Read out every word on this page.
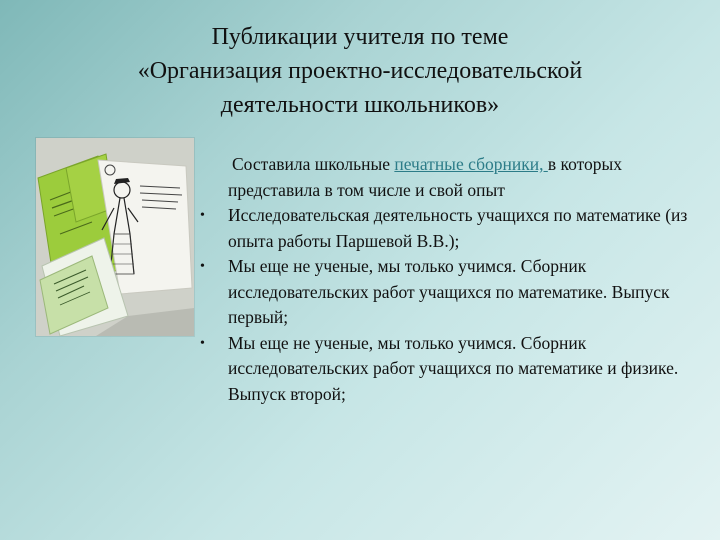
Публикации учителя по теме
«Организация проектно-исследовательской
деятельности школьников»
Составила школьные печатные сборники, в которых представила в том числе и свой опыт
• Исследовательская деятельность учащихся по математике (из опыта работы Паршевой В.В.);
• Мы еще не ученые, мы только учимся. Сборник исследовательских работ учащихся по математике. Выпуск первый;
• Мы еще не ученые, мы только учимся. Сборник исследовательских работ учащихся по математике и физике. Выпуск второй;
